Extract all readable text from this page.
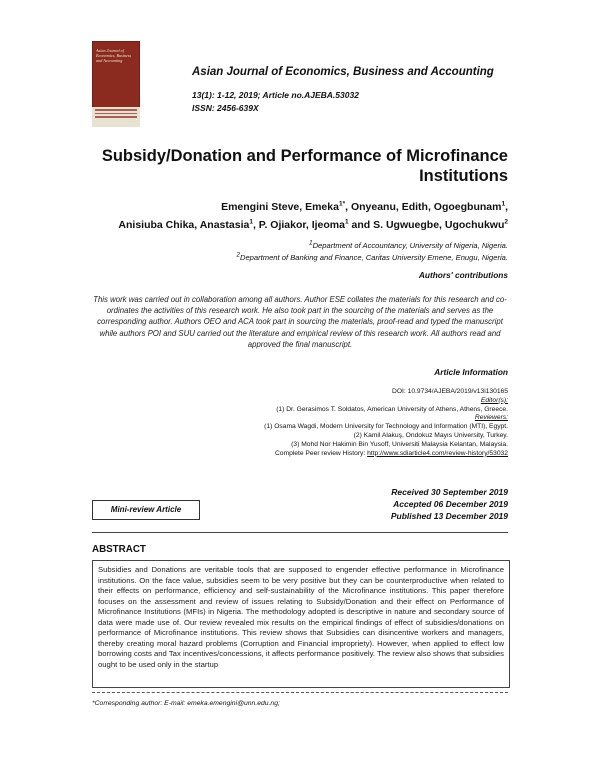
Asian Journal of
Economics, Business
and Accounting
Asian Journal of Economics, Business and Accounting
13(1): 1-12, 2019; Article no.AJEBA.53032
ISSN: 2456-639X
Subsidy/Donation and Performance of Microfinance
Institutions
Emengini Steve, Emeka$^{1*}$, Onyeanu, Edith, Ogoegbunam$^1$,
Anisiuba Chika, Anastasia$^1$, P. Ojiakor, Ijeoma$^1$ and S. Ugwuegbe, Ugochukwu$^2$
$^1$Department of Accountancy, University of Nigeria, Nigeria.
$^2$Department of Banking and Finance, Caritas University Emene, Enugu, Nigeria.
Authors' contributions
This work was carried out in collaboration among all authors. Author ESE collates the materials for this research and co-ordinates the activities of this research work. He also took part in the sourcing of the materials and serves as the corresponding author. Authors OEO and ACA took part in sourcing the materials, proof-read and typed the manuscript while authors POI and SUU carried out the literature and empirical review of this research work. All authors read and approved the final manuscript.
Article Information
DOI: 10.9734/AJEBA/2019/v13i130165
Editor(s):
(1) Dr. Gerasimos T. Soldatos, American University of Athens, Athens, Greece.
Reviewers:
(1) Osama Wagdi, Modern University for Technology and Information (MTI), Egypt.
(2) Kamil Alakuş, Ondokuz Mayıs University, Turkey.
(3) Mohd Nor Hakimin Bin Yusoff, Universiti Malaysia Kelantan, Malaysia.
Complete Peer review History: http://www.sdiarticle4.com/review-history/53032
Mini-review Article
Received 30 September 2019
Accepted 06 December 2019
Published 13 December 2019
ABSTRACT
Subsidies and Donations are veritable tools that are supposed to engender effective performance in Microfinance institutions. On the face value, subsidies seem to be very positive but they can be counterproductive when related to their effects on performance, efficiency and self-sustainability of the Microfinance institutions. This paper therefore focuses on the assessment and review of issues relating to Subsidy/Donation and their effect on Performance of Microfinance Institutions (MFIs) in Nigeria. The methodology adopted is descriptive in nature and secondary source of data were made use of. Our review revealed mix results on the empirical findings of effect of subsidies/donations on performance of Microfinance institutions. This review shows that Subsidies can disincentive workers and managers, thereby creating moral hazard problems (Corruption and Financial impropriety). However, when applied to effect low borrowing costs and Tax incentives/concessions, it affects performance positively. The review also shows that subsidies ought to be used only in the startup
*Corresponding author: E-mail: emeka.emengini@unn.edu.ng;
